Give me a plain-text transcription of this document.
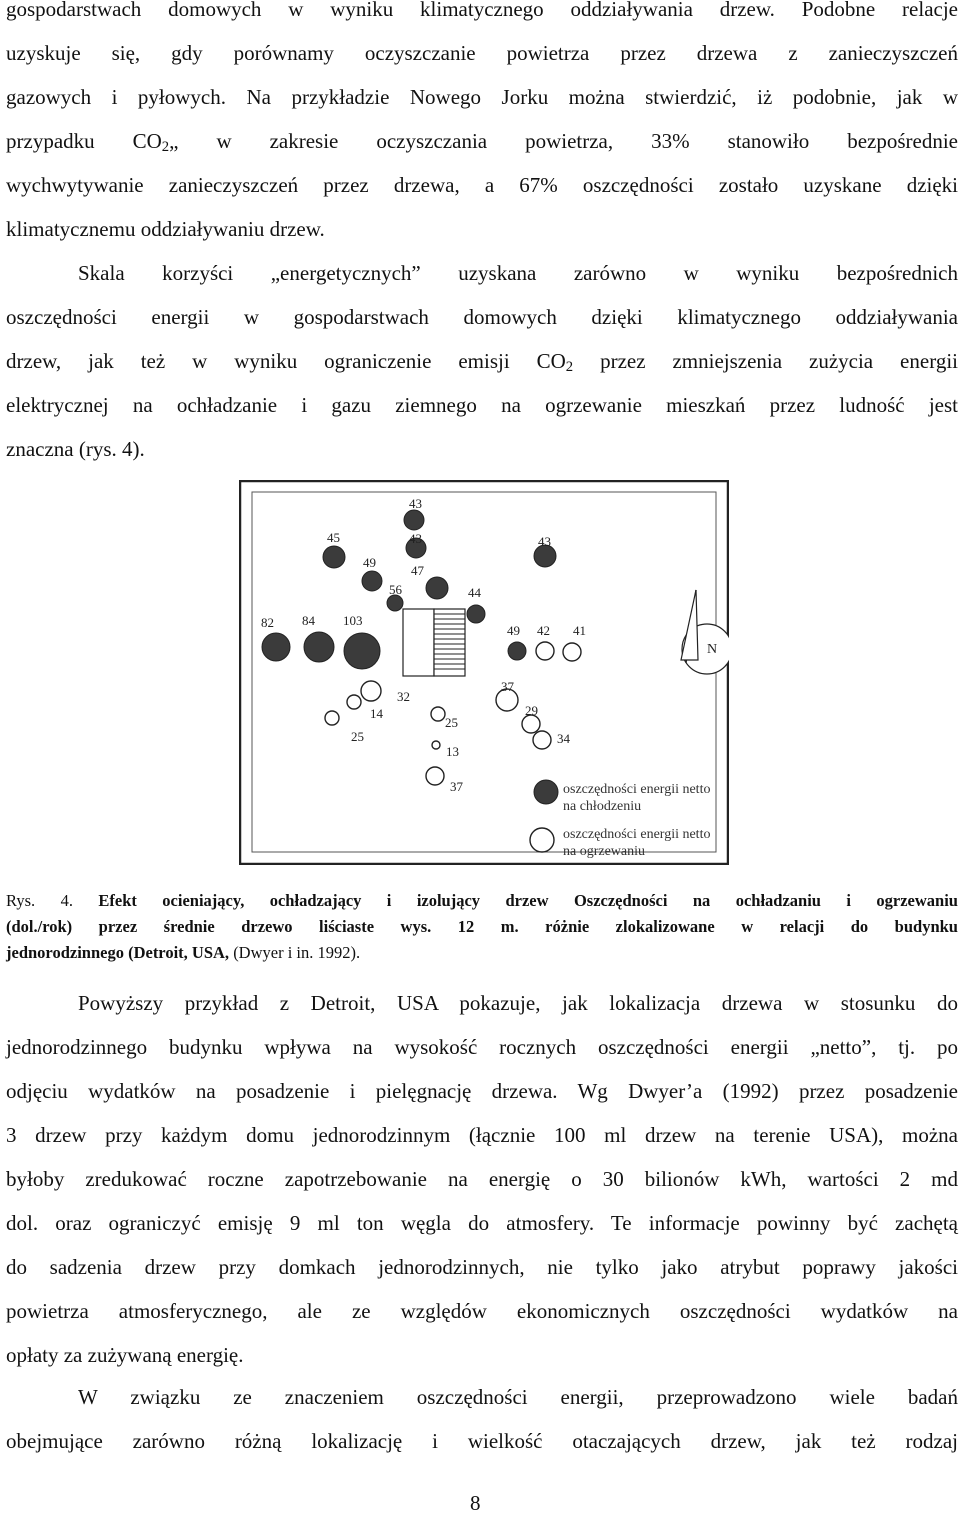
gospodarstwach domowych w wyniku klimatycznego oddziaływania drzew. Podobne relacje
uzyskuje się, gdy porównamy oczyszczanie powietrza przez drzewa z zanieczyszczeń
gazowych i pyłowych. Na przykładzie Nowego Jorku można stwierdzić, iż podobnie, jak w
przypadku $CO_2„$ w zakresie oczyszczania powietrza, 33% stanowiło bezpośrednie
wychwytywanie zanieczyszczeń przez drzewa, a 67% oszczędności zostało uzyskane dzięki
klimatycznemu oddziaływaniu drzew.
Skala korzyści „energetycznych” uzyskana zarówno w wyniku bezpośrednich
oszczędności energii w gospodarstwach domowych dzięki klimatycznego oddziaływania
drzew, jak też w wyniku ograniczenie emisji $CO_2$ przez zmniejszenia zużycia energii
elektrycznej na ochładzanie i gazu ziemnego na ogrzewanie mieszkań przez ludność jest
znaczna (rys. 4).
43
45	43	43
49
47
56	44
82 84 103
49 42 41
37
32
14	29
25
25
34
13
37
N
oszczędności energii netto
na chłodzeniu
oszczędności energii netto
na ogrzewaniu
Rys. 4. Efekt ocieniający, ochładzający i izolujący drzew Oszczędności na ochładzaniu i ogrzewaniu
(dol./rok) przez średnie drzewo liściaste wys. 12 m. różnie zlokalizowane w relacji do budynku
jednorodzinnego (Detroit, USA, (Dwyer i in. 1992).
Powyższy przykład z Detroit, USA pokazuje, jak lokalizacja drzewa w stosunku do
jednorodzinnego budynku wpływa na wysokość rocznych oszczędności energii „netto”, tj. po
odjęciu wydatków na posadzenie i pielęgnację drzewa. Wg Dwyer’a (1992) przez posadzenie
3 drzew przy każdym domu jednorodzinnym (łącznie 100 ml drzew na terenie USA), można
byłoby zredukować roczne zapotrzebowanie na energię o 30 bilionów kWh, wartości 2 md
dol. oraz ograniczyć emisję 9 ml ton węgla do atmosfery. Te informacje powinny być zachętą
do sadzenia drzew przy domkach jednorodzinnych, nie tylko jako atrybut poprawy jakości
powietrza atmosferycznego, ale ze względów ekonomicznych oszczędności wydatków na
opłaty za zużywaną energię.
W związku ze znaczeniem oszczędności energii, przeprowadzono wiele badań
obejmujące zarówno różną lokalizację i wielkość otaczających drzew, jak też rodzaj
8
